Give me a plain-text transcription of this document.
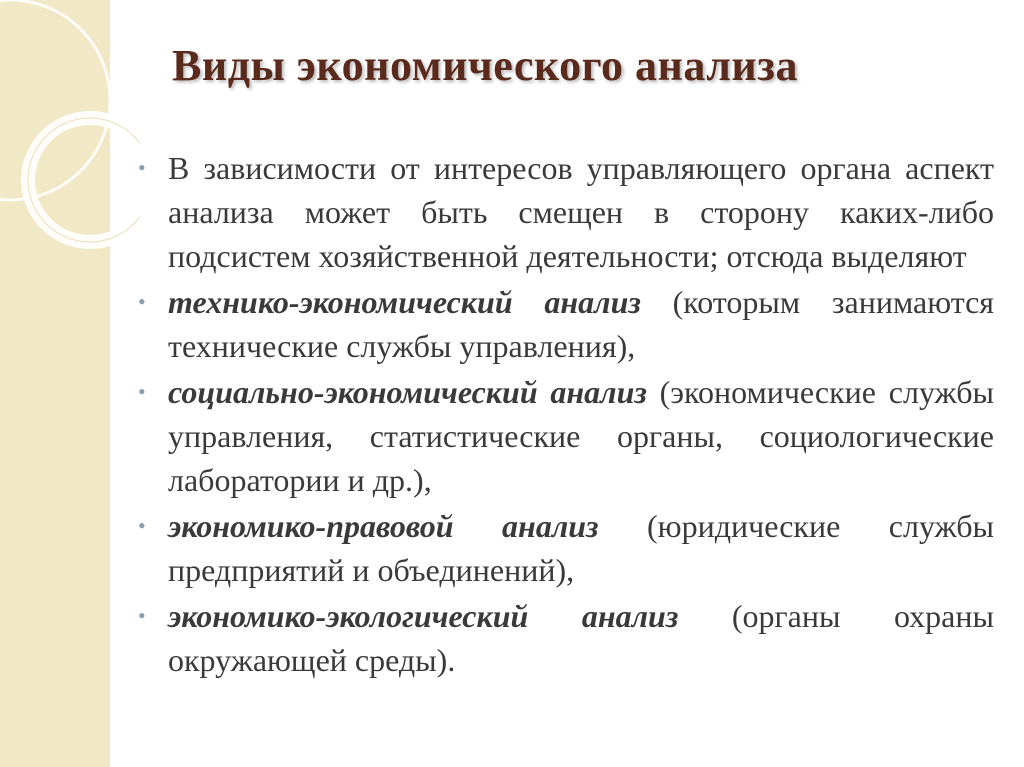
Виды экономического анализа

• В зависимости от интересов управляющего органа аспект анализа может быть смещен в сторону каких-либо подсистем хозяйственной деятельности; отсюда выделяют

• технико-экономический анализ (которым занимаются технические службы управления),

• социально-экономический анализ (экономические службы управления, статистические органы, социологические лаборатории и др.),

• экономико-правовой анализ (юридические службы предприятий и объединений),

• экономико-экологический анализ (органы охраны окружающей среды).
